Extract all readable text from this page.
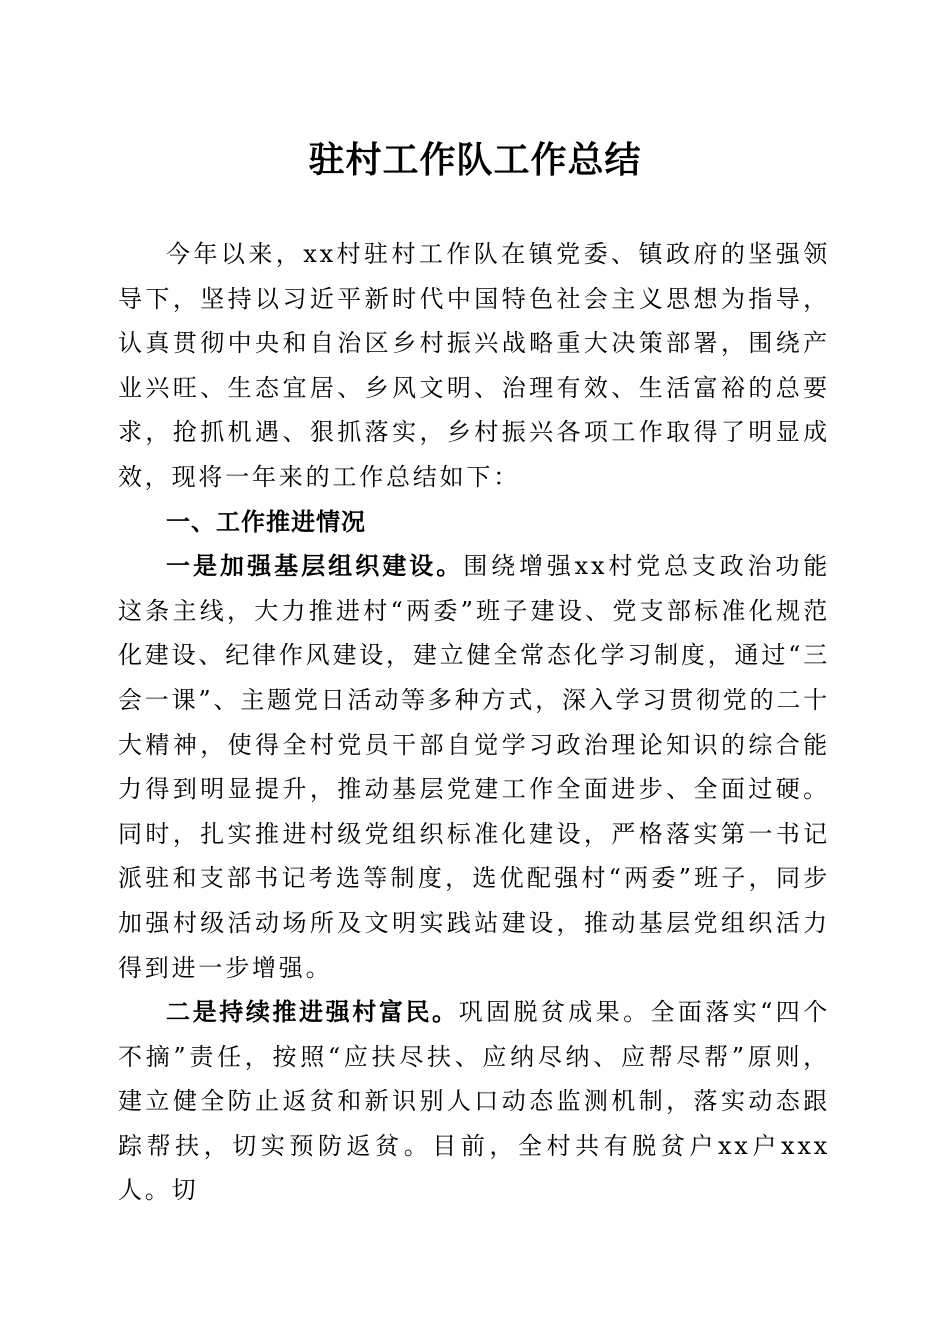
驻村工作队工作总结

今年以来，xx村驻村工作队在镇党委、镇政府的坚强领导下，坚持以习近平新时代中国特色社会主义思想为指导，认真贯彻中央和自治区乡村振兴战略重大决策部署，围绕产业兴旺、生态宜居、乡风文明、治理有效、生活富裕的总要求，抢抓机遇、狠抓落实，乡村振兴各项工作取得了明显成效，现将一年来的工作总结如下：

一、工作推进情况

一是加强基层组织建设。围绕增强xx村党总支政治功能这条主线，大力推进村“两委”班子建设、党支部标准化规范化建设、纪律作风建设，建立健全常态化学习制度，通过“三会一课”、主题党日活动等多种方式，深入学习贯彻党的二十大精神，使得全村党员干部自觉学习政治理论知识的综合能力得到明显提升，推动基层党建工作全面进步、全面过硬。同时，扎实推进村级党组织标准化建设，严格落实第一书记派驻和支部书记考选等制度，选优配强村“两委”班子，同步加强村级活动场所及文明实践站建设，推动基层党组织活力得到进一步增强。

二是持续推进强村富民。巩固脱贫成果。全面落实“四个不摘”责任，按照“应扶尽扶、应纳尽纳、应帮尽帮”原则，建立健全防止返贫和新识别人口动态监测机制，落实动态跟踪帮扶，切实预防返贫。目前，全村共有脱贫户xx户xxx人。切
